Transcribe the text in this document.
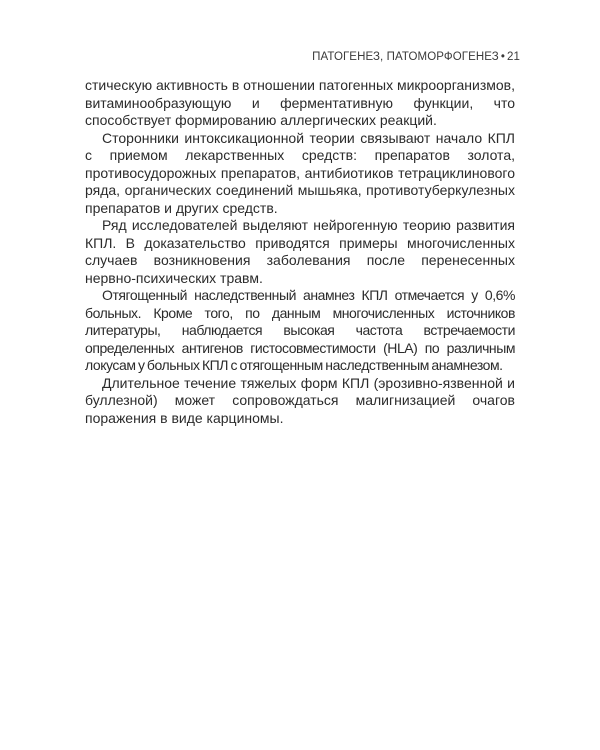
ПАТОГЕНЕЗ, ПАТОМОРФОГЕНЕЗ • 21

стическую активность в отношении патогенных микроорганизмов, витаминообразующую и ферментативную функции, что способствует формированию аллергических реакций.

Сторонники интоксикационной теории связывают начало КПЛ с приемом лекарственных средств: препаратов золота, противосудорожных препаратов, антибиотиков тетрациклинового ряда, органических соединений мышьяка, противотуберкулезных препаратов и других средств.

Ряд исследователей выделяют нейрогенную теорию развития КПЛ. В доказательство приводятся примеры многочисленных случаев возникновения заболевания после перенесенных нервно-психических травм.

Отягощенный наследственный анамнез КПЛ отмечается у 0,6% больных. Кроме того, по данным многочисленных источников литературы, наблюдается высокая частота встречаемости определенных антигенов гистосовместимости (HLA) по различным локусам у больных КПЛ с отягощенным наследственным анамнезом.

Длительное течение тяжелых форм КПЛ (эрозивно-язвенной и буллезной) может сопровождаться малигнизацией очагов поражения в виде карциномы.
